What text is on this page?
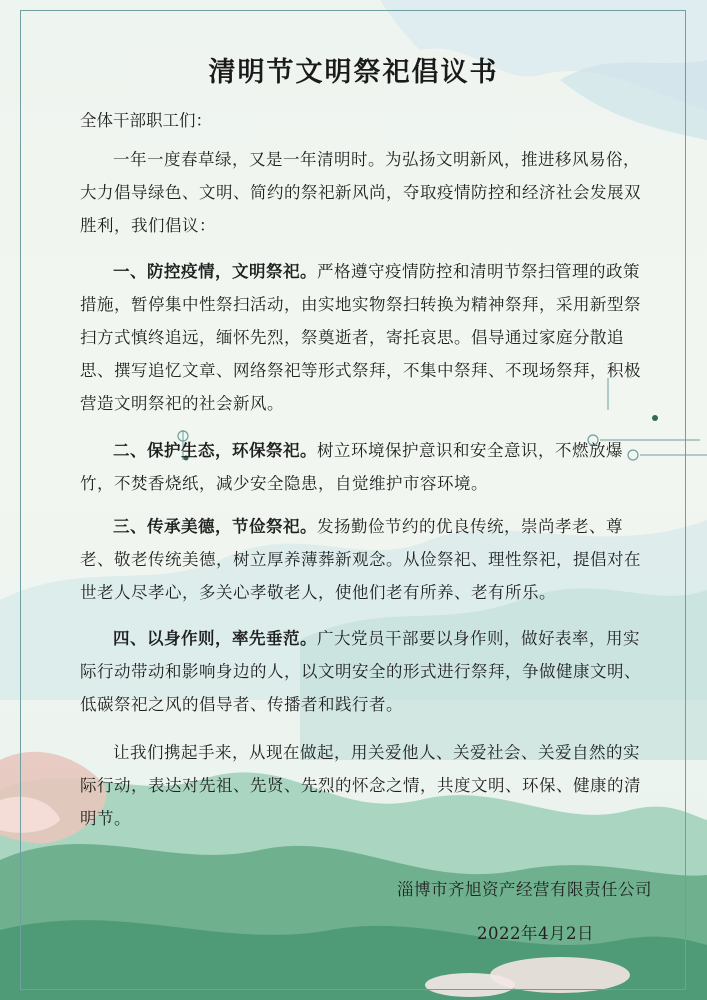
清明节文明祭祀倡议书
全体干部职工们：
一年一度春草绿，又是一年清明时。为弘扬文明新风，推进移风易俗，大力倡导绿色、文明、简约的祭祀新风尚，夺取疫情防控和经济社会发展双胜利，我们倡议：
一、防控疫情，文明祭祀。严格遵守疫情防控和清明节祭扫管理的政策措施，暂停集中性祭扫活动，由实地实物祭扫转换为精神祭拜，采用新型祭扫方式慎终追远，缅怀先烈，祭奠逝者，寄托哀思。倡导通过家庭分散追思、撰写追忆文章、网络祭祀等形式祭拜，不集中祭拜、不现场祭拜，积极营造文明祭祀的社会新风。
二、保护生态，环保祭祀。树立环境保护意识和安全意识，不燃放爆竹，不焚香烧纸，减少安全隐患，自觉维护市容环境。
三、传承美德，节俭祭祀。发扬勤俭节约的优良传统，崇尚孝老、尊老、敬老传统美德，树立厚养薄葬新观念。从俭祭祀、理性祭祀，提倡对在世老人尽孝心，多关心孝敬老人，使他们老有所养、老有所乐。
四、以身作则，率先垂范。广大党员干部要以身作则，做好表率，用实际行动带动和影响身边的人，以文明安全的形式进行祭拜，争做健康文明、低碳祭祀之风的倡导者、传播者和践行者。
让我们携起手来，从现在做起，用关爱他人、关爱社会、关爱自然的实际行动，表达对先祖、先贤、先烈的怀念之情，共度文明、环保、健康的清明节。
淄博市齐旭资产经营有限责任公司
2022年4月2日
